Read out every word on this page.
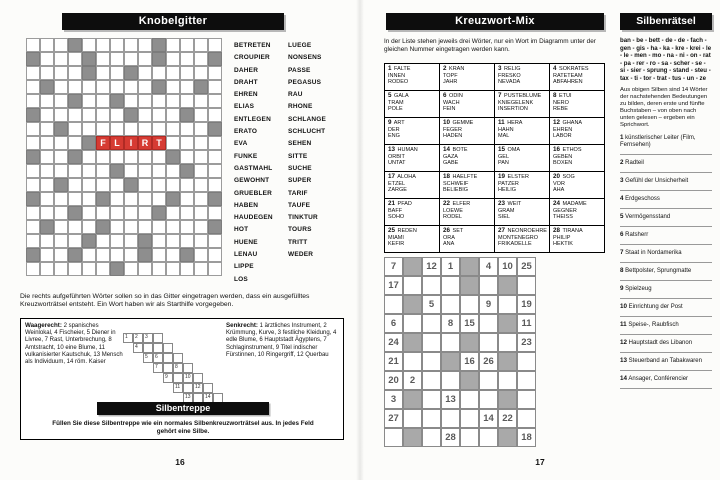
Knobelgitter
F L	I	R T
BETRETEN
CROUPIER
DAHER
DRAHT
EHREN
ELIAS
ENTLEGEN
ERATO
EVA
FUNKE
GASTMAHL
GEWOHNT
GRUEBLER
HABEN
HAUDEGEN
HOT
HUENE
LENAU
LIPPE
LOS
LUEGE
NONSENS
PASSE
PEGASUS
RAU
RHONE
SCHLANGE
SCHLUCHT
SEHEN
SITTE
SUCHE
SUPER
TARIF
TAUFE
TINKTUR
TOURS
TRITT
WEDER
Die rechts aufgeführten Wörter sollen so in das Gitter eingetragen werden, dass ein ausgefülltes Kreuzworträtsel entsteht. Ein Wort haben wir als Starthilfe vorgegeben.
Waagerecht: 2 spanisches Weinlokal, 4 Fischeier, 5 Diener in Livree, 7 Rast, Unterbrechung, 8 Amtstracht, 10 eine Blume, 11 vulkanisierter Kautschuk, 13 Mensch als Individuum, 14 röm. Kaiser
Senkrecht: 1 ärztliches Instrument, 2 Krümmung, Kurve, 3 festliche Kleidung, 4 edle Blume, 6 Hauptstadt Ägyptens, 7 Schlaginstrument, 9 Titel indischer Fürstinnen, 10 Ringergriff, 12 Querbau
1	2	3
4
5	6
7	8
9	10
11	12
13	14
Silbentreppe
Füllen Sie diese Silbentreppe wie ein normales Silbenkreuzworträtsel aus. In jedes Feld gehört eine Silbe.
16
Kreuzwort-Mix
In der Liste stehen jeweils drei Wörter, nur ein Wort im Diagramm unter der gleichen Nummer eingetragen werden kann.
1 FALTE
INNEN
RODEO
2 KRAN
TOPF
JAHR
3 RELIG
FRESKO
NEVADA
4 SOKRATES
RATETEAM
ABFAHREN
5 GALA
TRAM
POLE
6 ODIN
WACH
FEIN
7 PUSTEBLUME
KNIEGELENK
INSERTION
8 ETUI
NERO
REBE
9 ART
DER
ENG
10 GEMME
FEGER
HADEN
11 HERA
HAHN
MAL
12 GHANA
EHREN
LABOR
13 HUMAN
ORBIT
UNTAT
14 BOTE
GAZA
GABE
15 OMA
GEL
PAN
16 ETHOS
GEBEN
BOXEN
17 ALOHA
ETZEL
ZARGE
18 HAELFTE
SCHWEIF
BELIEBIG
19 ELSTER
PATZER
HEILIG
20 SOG
VOR
AHA
21 PFAD
BAFF
SOHO
22 ELFER
LOEWE
RODEL
23 WEIT
GRAM
SIEL
24 MADAME
GEGNER
THEISS
25 REDEN
MIAMI
KEFIR
26 SET
ORA
ANA
27 NEONROEHRE
MONTENEGRO
FRIKADELLE
28 TIRANA
PHILIP
HEKTIK
7	12	1	4	10 25
17
5	9	19
6	8	15	11
24	23
21	16 26
20	2
3	13
27	14 22
28	18
Silbenrätsel
ban - be - bett - de - de - fach - gen - gis - ha - ka - kre - krei - le - le - men - mo - na - ni - on - rat - pa - rer - ro - sa - scher - se - si - sier - sprung - stand - steu - tax - ti - tor - trat - tus - un - ze
Aus obigen Silben sind 14 Wörter der nachstehenden Bedeutungen zu bilden, deren erste und fünfte Buchstaben – von oben nach unten gelesen – ergeben ein Sprichwort.
1 künstlerischer Leiter (Film, Fernsehen)
2 Radteil
3 Gefühl der Unsicherheit
4 Erdgeschoss
5 Vermögensstand
6 Ratsherr
7 Staat in Nordamerika
8 Bettpolster, Sprungmatte
9 Spielzeug
10 Einrichtung der Post
11 Speise-, Raubfisch
12 Hauptstadt des Libanon
13 Steuerband an Tabakwaren
14 Ansager, Conférencier
17
